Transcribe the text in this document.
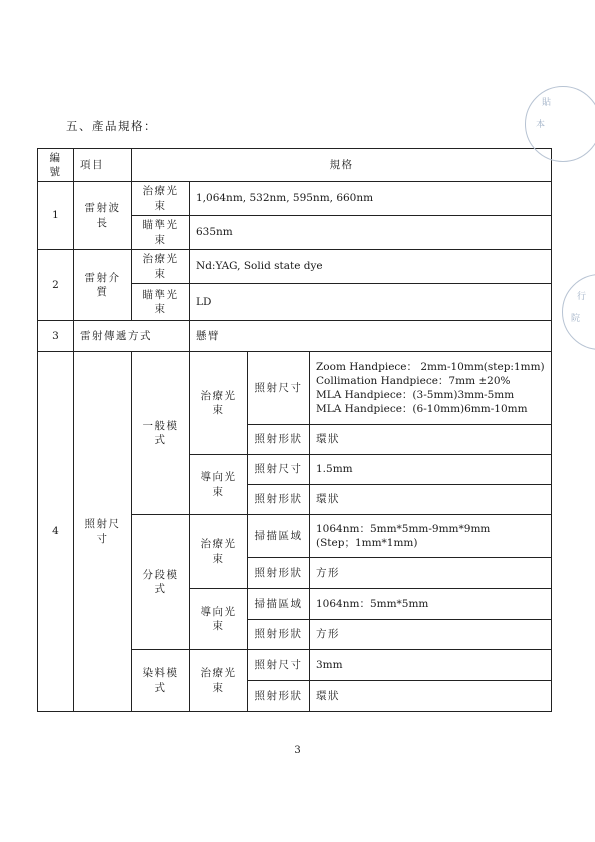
五、產品規格：
編號	項目	規格			
1	雷射波長	治療光束	1,064nm, 532nm, 595nm, 660nm		
		瞄準光束	635nm		
2	雷射介質	治療光束	Nd:YAG, Solid state dye		
		瞄準光束	LD		
3	雷射傳遞方式		懸臂		
4	照射尺寸	一般模式	治療光束	照射尺寸	Zoom Handpiece： 2mm-10mm(step:1mm)
Collimation Handpiece：7mm ±20%
MLA Handpiece：(3-5mm)3mm-5mm
MLA Handpiece：(6-10mm)6mm-10mm

				照射形狀	環狀
			導向光束	照射尺寸	1.5mm
				照射形狀	環狀
		分段模式	治療光束	掃描區域	1064nm：5mm*5mm-9mm*9mm
(Step；1mm*1mm)

				照射形狀	方形
			導向光束	掃描區域	1064nm：5mm*5mm
				照射形狀	方形
		染料模式	治療光束	照射尺寸	3mm
				照射形狀	環狀
3
貼
本
行
院
